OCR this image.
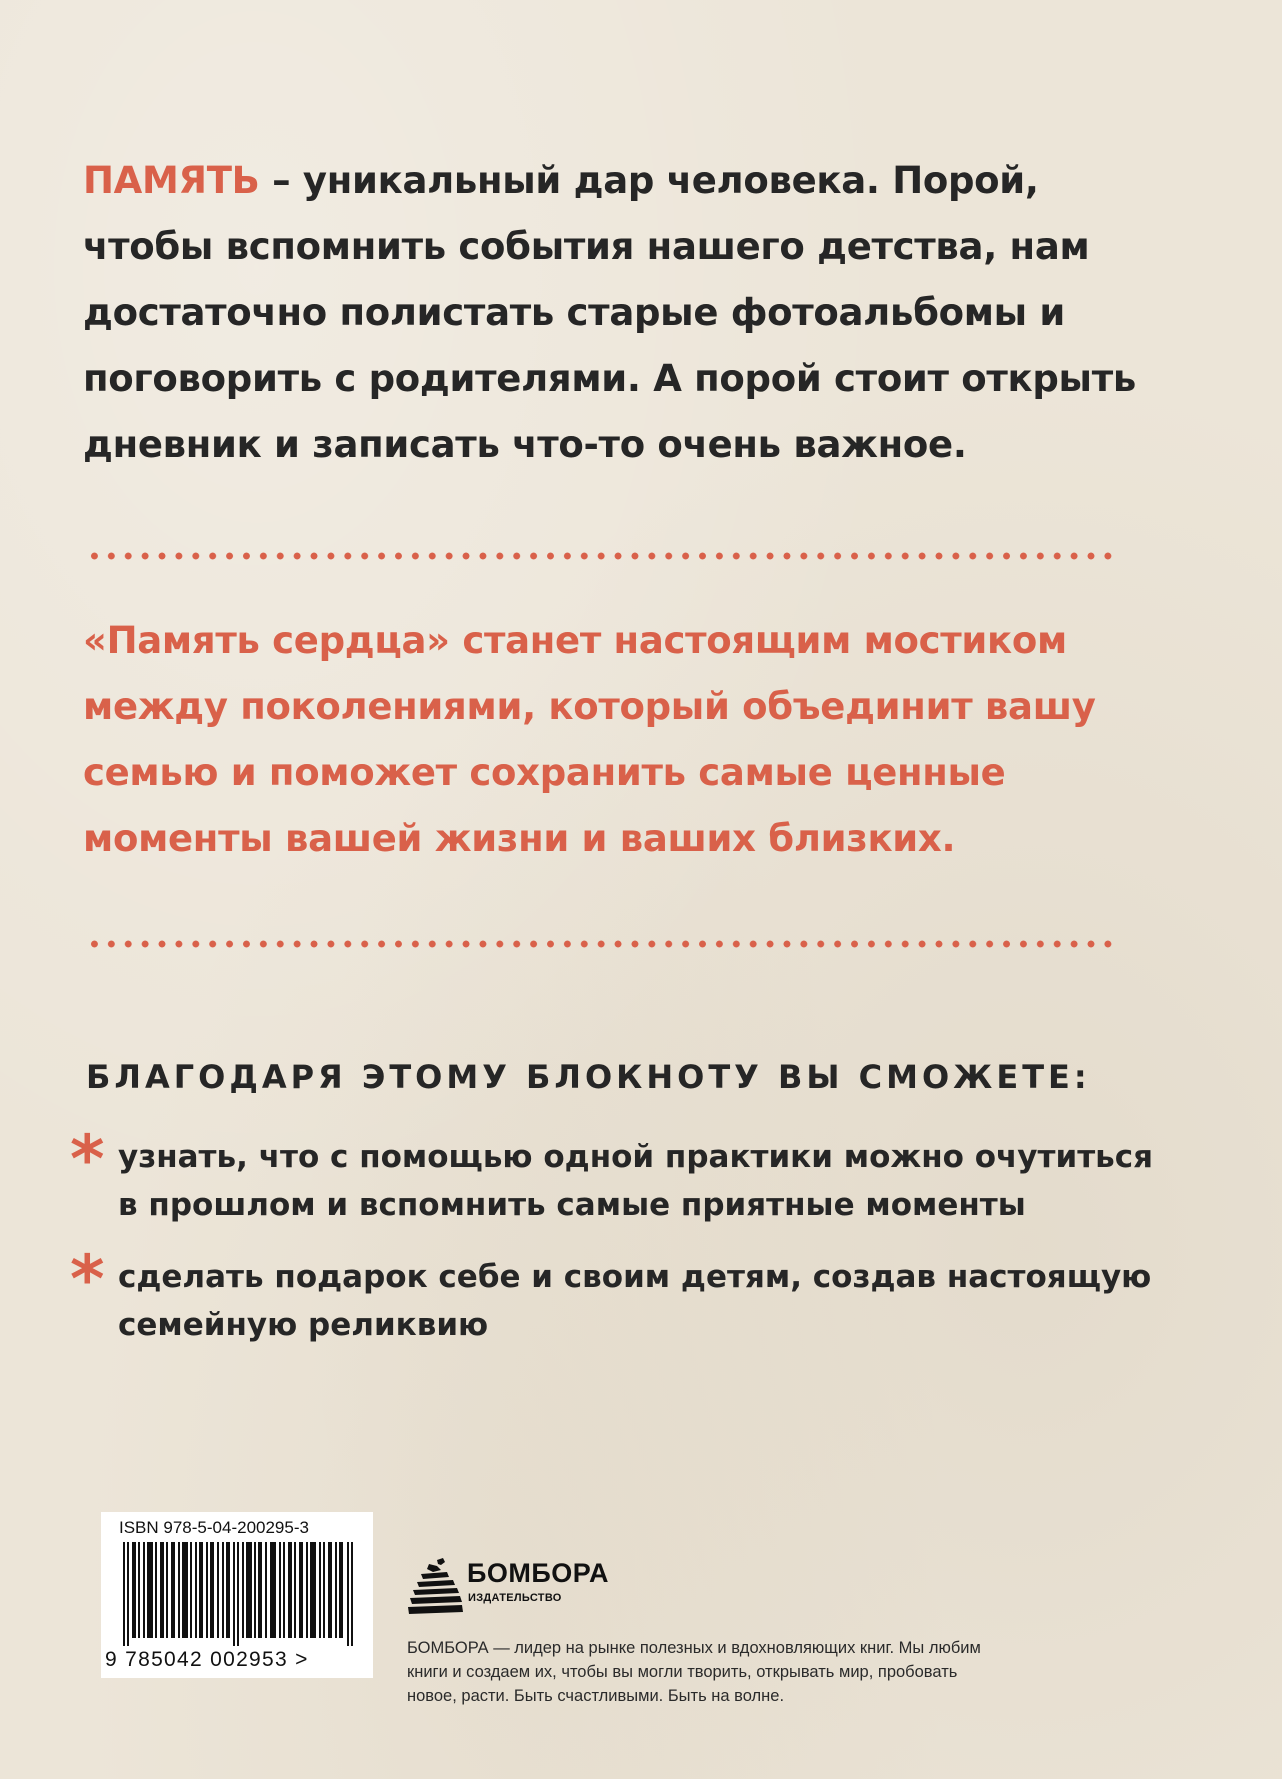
ПАМЯТЬ – уникальный дар человека. Порой, чтобы вспомнить события нашего детства, нам достаточно полистать старые фотоальбомы и поговорить с родителями. А порой стоит открыть дневник и записать что-то очень важное.

«Память сердца» станет настоящим мостиком между поколениями, который объединит вашу семью и поможет сохранить самые ценные моменты вашей жизни и ваших близких.

БЛАГОДАРЯ ЭТОМУ БЛОКНОТУ ВЫ СМОЖЕТЕ:
* узнать, что с помощью одной практики можно очутиться в прошлом и вспомнить самые приятные моменты
* сделать подарок себе и своим детям, создав настоящую семейную реликвию
ISBN 978-5-04-200295-3
9 785042 002953 >
БОМБОРА
ИЗДАТЕЛЬСТВО

БОМБОРА — лидер на рынке полезных и вдохновляющих книг. Мы любим книги и создаем их, чтобы вы могли творить, открывать мир, пробовать новое, расти. Быть счастливыми. Быть на волне.
